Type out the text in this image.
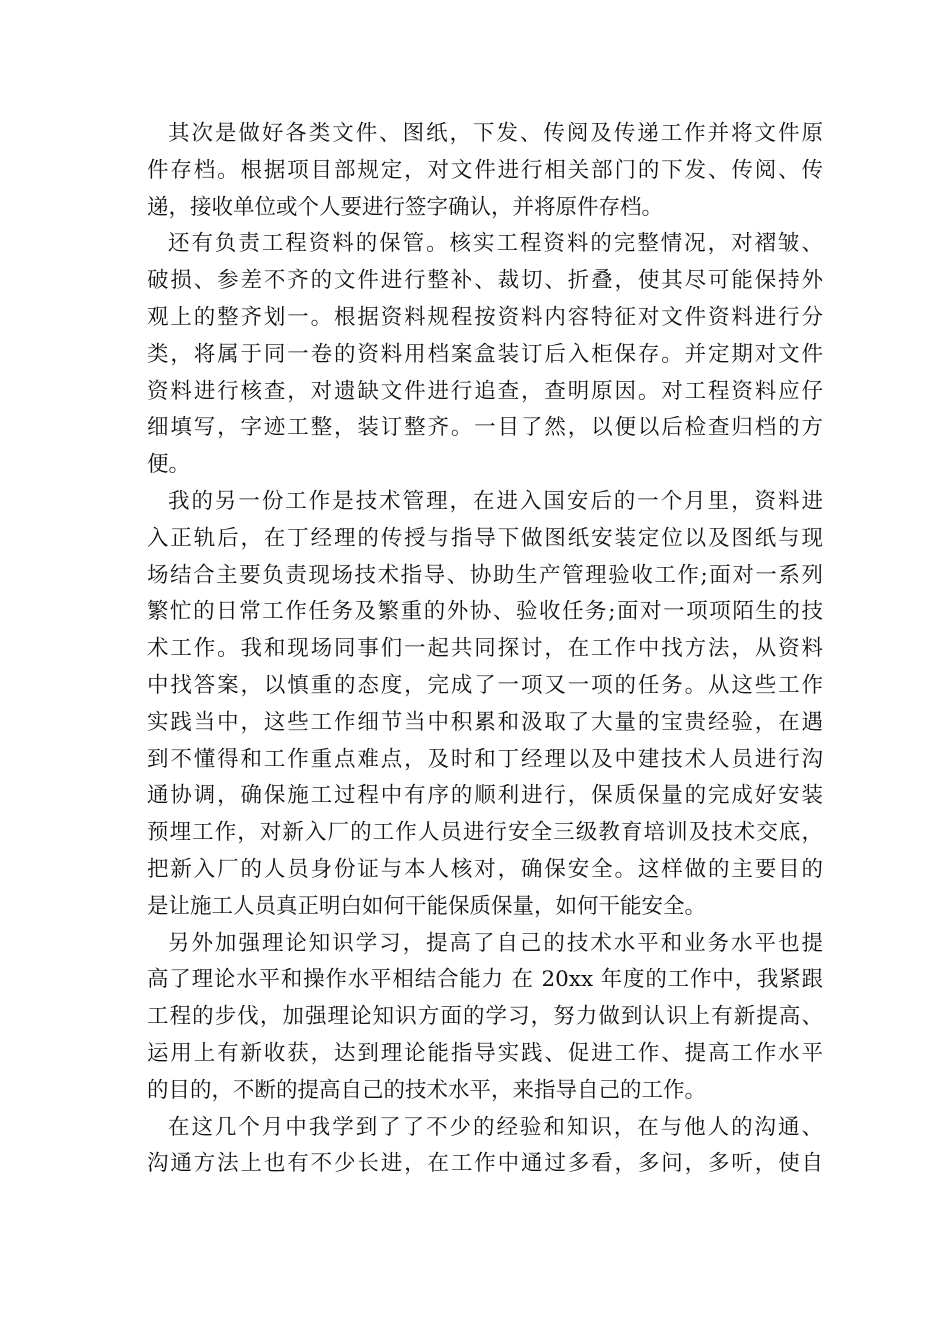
其次是做好各类文件、图纸，下发、传阅及传递工作并将文件原
件存档。根据项目部规定，对文件进行相关部门的下发、传阅、传
递，接收单位或个人要进行签字确认，并将原件存档。
还有负责工程资料的保管。核实工程资料的完整情况，对褶皱、
破损、参差不齐的文件进行整补、裁切、折叠，使其尽可能保持外
观上的整齐划一。根据资料规程按资料内容特征对文件资料进行分
类，将属于同一卷的资料用档案盒装订后入柜保存。并定期对文件
资料进行核查，对遗缺文件进行追查，查明原因。对工程资料应仔
细填写，字迹工整，装订整齐。一目了然，以便以后检查归档的方
便。
我的另一份工作是技术管理，在进入国安后的一个月里，资料进
入正轨后，在丁经理的传授与指导下做图纸安装定位以及图纸与现
场结合主要负责现场技术指导、协助生产管理验收工作;面对一系列
繁忙的日常工作任务及繁重的外协、验收任务;面对一项项陌生的技
术工作。我和现场同事们一起共同探讨，在工作中找方法，从资料
中找答案，以慎重的态度，完成了一项又一项的任务。从这些工作
实践当中，这些工作细节当中积累和汲取了大量的宝贵经验，在遇
到不懂得和工作重点难点，及时和丁经理以及中建技术人员进行沟
通协调，确保施工过程中有序的顺利进行，保质保量的完成好安装
预埋工作，对新入厂的工作人员进行安全三级教育培训及技术交底，
把新入厂的人员身份证与本人核对，确保安全。这样做的主要目的
是让施工人员真正明白如何干能保质保量，如何干能安全。
另外加强理论知识学习，提高了自己的技术水平和业务水平也提
高了理论水平和操作水平相结合能力 在 20xx 年度的工作中，我紧跟
工程的步伐，加强理论知识方面的学习，努力做到认识上有新提高、
运用上有新收获，达到理论能指导实践、促进工作、提高工作水平
的目的，不断的提高自己的技术水平，来指导自己的工作。
在这几个月中我学到了了不少的经验和知识，在与他人的沟通、
沟通方法上也有不少长进，在工作中通过多看，多问，多听，使自
